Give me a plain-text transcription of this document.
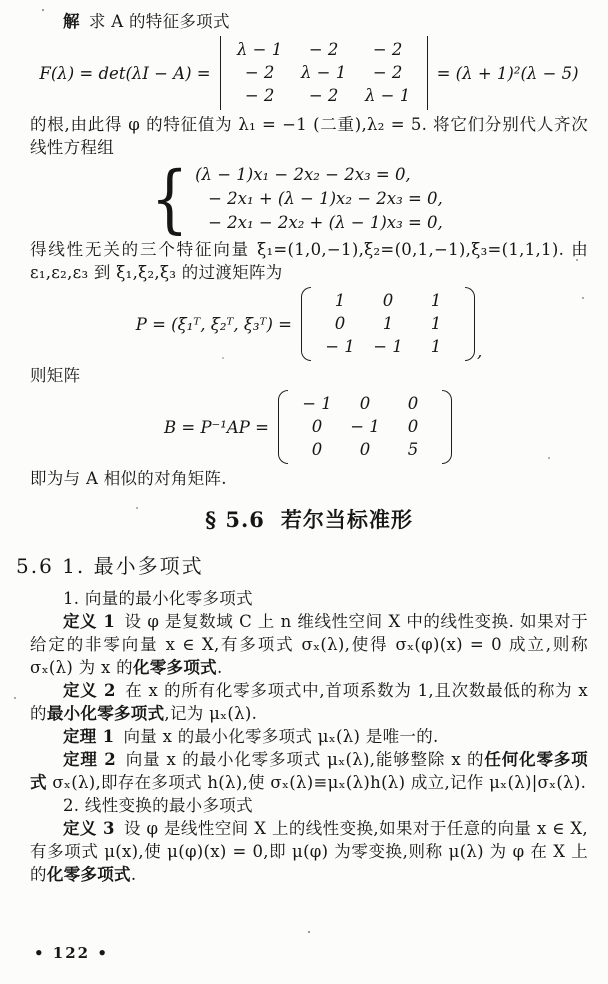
解 求 A 的特征多项式

F(λ) = det(λI − A) =
λ − 1	− 2	− 2
− 2	λ − 1	− 2
− 2	− 2	λ − 1
= (λ + 1)²(λ − 5)

的根,由此得 φ 的特征值为 λ₁ = −1 (二重),λ₂ = 5. 将它们分别代人齐次线性方程组

{ (λ − 1)x₁ − 2x₂ − 2x₃ = 0,
− 2x₁ + (λ − 1)x₂ − 2x₃ = 0,
− 2x₁ − 2x₂ + (λ − 1)x₃ = 0,

得线性无关的三个特征向量 ξ₁=(1,0,−1),ξ₂=(0,1,−1),ξ₃=(1,1,1). 由 ε₁,ε₂,ε₃ 到 ξ₁,ξ₂,ξ₃ 的过渡矩阵为

P = (ξ₁ᵀ, ξ₂ᵀ, ξ₃ᵀ) =
1	0	1
0	1	1
− 1	− 1	1	,

则矩阵

B = P⁻¹AP =
− 1	0	0
0	− 1	0
0	0	5

即为与 A 相似的对角矩阵.

§ 5.6 若尔当标准形
5.6 1. 最小多项式

1. 向量的最小化零多项式

定义 1 设 φ 是复数域 C 上 n 维线性空间 X 中的线性变换. 如果对于给定的非零向量 x ∈ X,有多项式 σₓ(λ),使得 σₓ(φ)(x) = 0 成立,则称 σₓ(λ) 为 x 的化零多项式.

定义 2 在 x 的所有化零多项式中,首项系数为 1,且次数最低的称为 x 的最小化零多项式,记为 μₓ(λ).

定理 1 向量 x 的最小化零多项式 μₓ(λ) 是唯一的.

定理 2 向量 x 的最小化零多项式 μₓ(λ),能够整除 x 的任何化零多项式 σₓ(λ),即存在多项式 h(λ),使 σₓ(λ)≡μₓ(λ)h(λ) 成立,记作 μₓ(λ)|σₓ(λ).

2. 线性变换的最小多项式

定义 3 设 φ 是线性空间 X 上的线性变换,如果对于任意的向量 x ∈ X,有多项式 μ(x),使 μ(φ)(x) = 0,即 μ(φ) 为零变换,则称 μ(λ) 为 φ 在 X 上的化零多项式.

• 122 •
